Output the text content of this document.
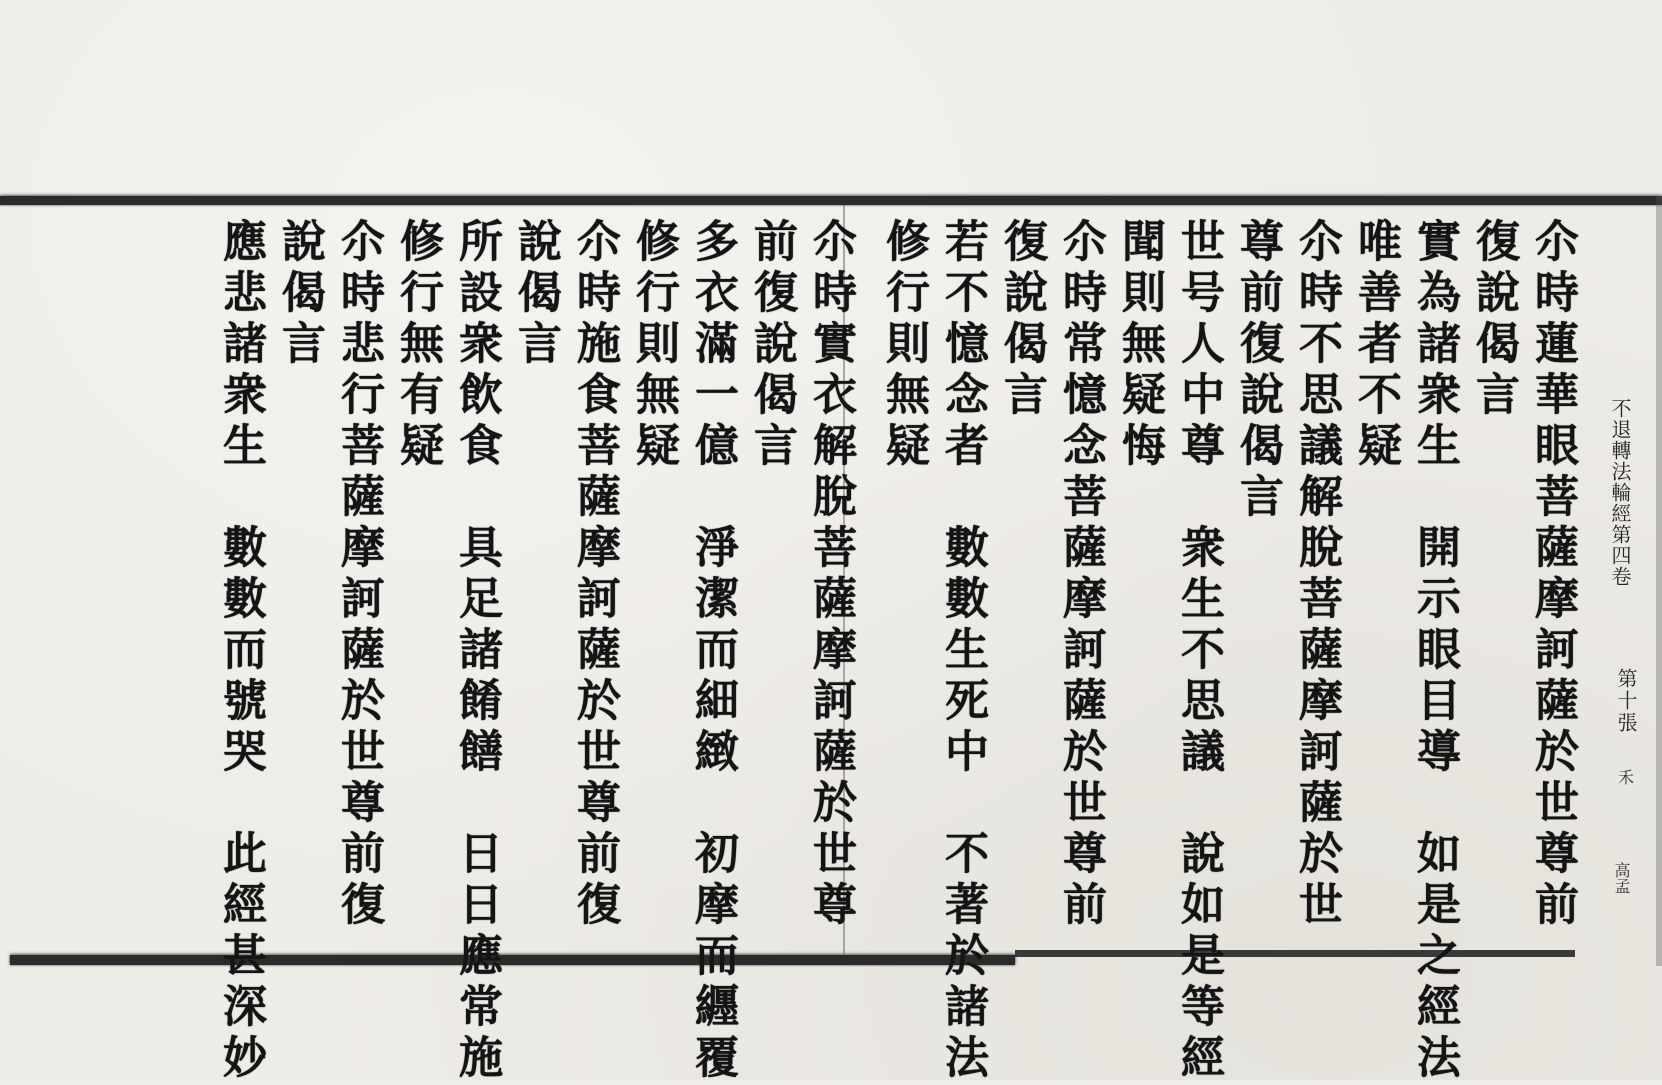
不退轉法輪經第四卷
第十張
禾
高孟
尒時蓮華眼菩薩摩訶薩於世尊前
復說偈言
實為諸衆生　開示眼目導　如是之經法
唯善者不疑
尒時不思議解脫菩薩摩訶薩於世
尊前復說偈言
世号人中尊　衆生不思議　說如是等經
聞則無疑悔
尒時常憶念菩薩摩訶薩於世尊前
復說偈言
若不憶念者　數數生死中　不著於諸法
修行則無疑
尒時實衣解脫菩薩摩訶薩於世尊
前復說偈言
多衣滿一億　淨潔而細緻　初摩而纒覆
修行則無疑
尒時施食菩薩摩訶薩於世尊前復
說偈言
所設衆飲食　具足諸餚饍　日日應常施
修行無有疑
尒時悲行菩薩摩訶薩於世尊前復
說偈言
應悲諸衆生　數數而號哭　此經甚深妙
